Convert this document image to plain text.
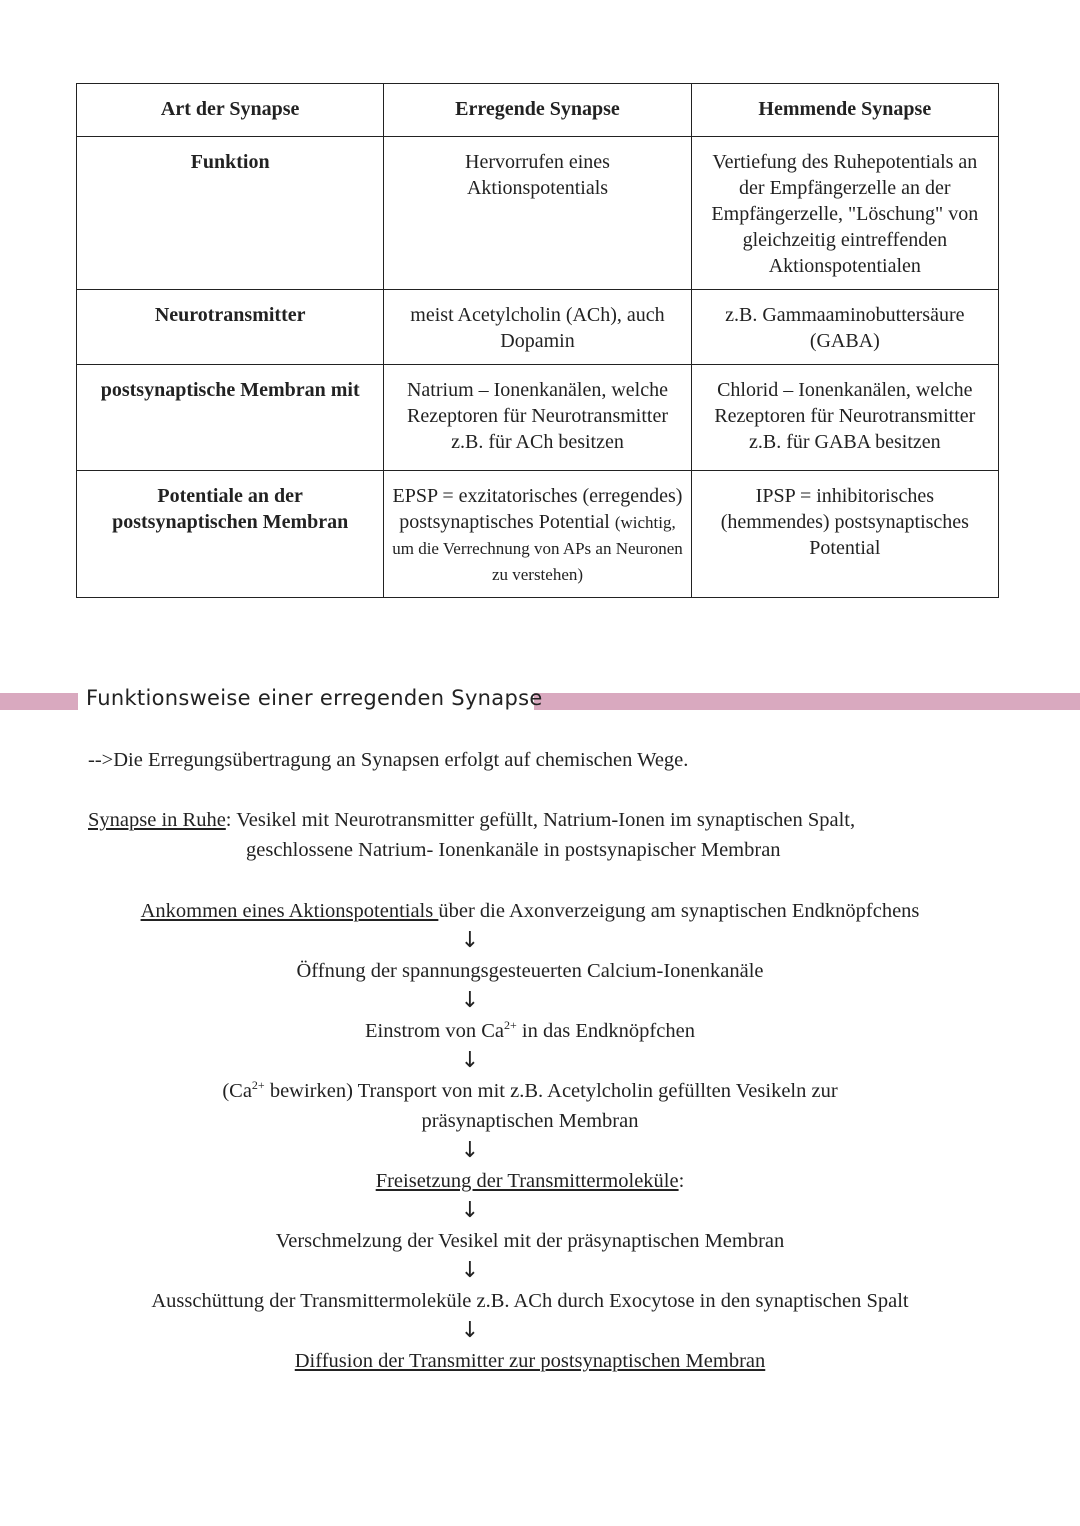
Art der Synapse	Erregende Synapse	Hemmende Synapse
Funktion	Hervorrufen eines Aktionspotentials	Vertiefung des Ruhepotentials an der Empfängerzelle an der Empfängerzelle, "Löschung" von gleichzeitig eintreffenden Aktionspotentialen
Neurotransmitter	meist Acetylcholin (ACh), auch Dopamin	z.B. Gammaaminobuttersäure (GABA)
postsynaptische Membran mit	Natrium – Ionenkanälen, welche Rezeptoren für Neurotransmitter z.B. für ACh besitzen	Chlorid – Ionenkanälen, welche Rezeptoren für Neurotransmitter z.B. für GABA besitzen
Potentiale an der postsynaptischen Membran	EPSP = exzitatorisches (erregendes) postsynaptisches Potential (wichtig, um die Verrechnung von APs an Neuronen zu verstehen)	IPSP = inhibitorisches (hemmendes) postsynaptisches Potential
Funktionsweise einer erregenden Synapse
-->Die Erregungsübertragung an Synapsen erfolgt auf chemischen Wege.
Synapse in Ruhe: Vesikel mit Neurotransmitter gefüllt, Natrium-Ionen im synaptischen Spalt,
geschlossene Natrium- Ionenkanäle in postsynapischer Membran
Ankommen eines Aktionspotentials über die Axonverzeigung am synaptischen Endknöpfchens
↓
Öffnung der spannungsgesteuerten Calcium-Ionenkanäle
↓
Einstrom von $Ca^{2+}$ in das Endknöpfchen
↓
($Ca^{2+}$ bewirken) Transport von mit z.B. Acetylcholin gefüllten Vesikeln zur
präsynaptischen Membran
↓
Freisetzung der Transmittermoleküle:
↓
Verschmelzung der Vesikel mit der präsynaptischen Membran
↓
Ausschüttung der Transmittermoleküle z.B. ACh durch Exocytose in den synaptischen Spalt
↓
Diffusion der Transmitter zur postsynaptischen Membran
